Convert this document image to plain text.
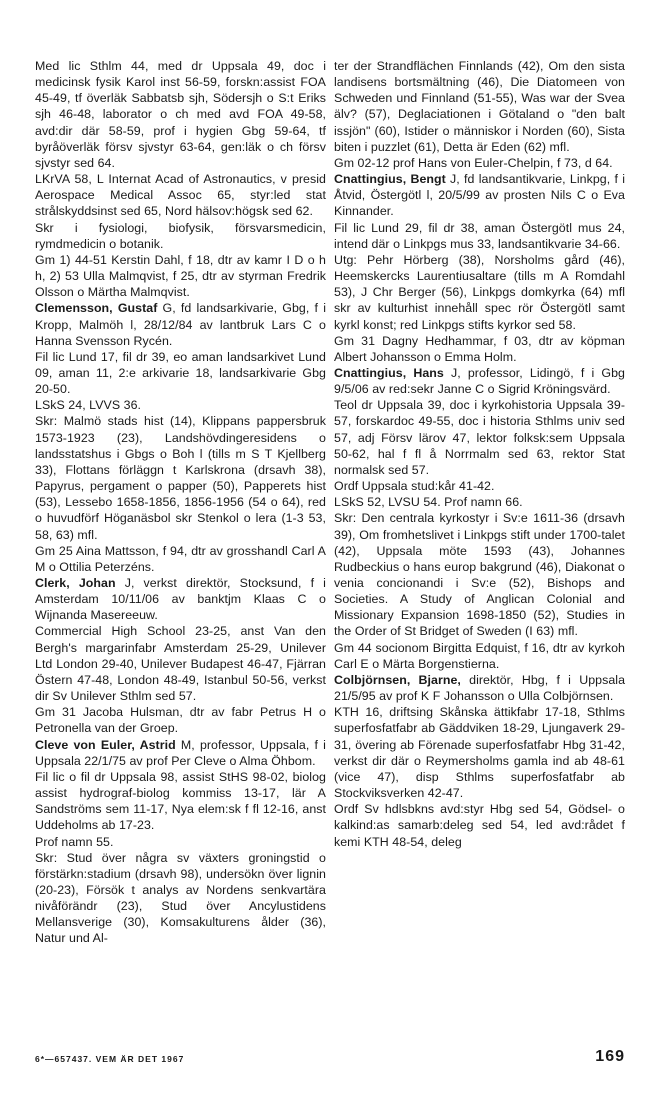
Med lic Sthlm 44, med dr Uppsala 49, doc i medicinsk fysik Karol inst 56-59, forskn:assist FOA 45-49, tf överläk Sabbatsb sjh, Södersjh o S:t Eriks sjh 46-48, laborator o ch med avd FOA 49-58, avd:dir där 58-59, prof i hygien Gbg 59-64, tf byråöverläk försv sjvstyr 63-64, gen:läk o ch försv sjvstyr sed 64.

LKrVA 58, L Internat Acad of Astronautics, v presid Aerospace Medical Assoc 65, styr:led stat strålskyddsinst sed 65, Nord hälsov:högsk sed 62.

Skr i fysiologi, biofysik, försvarsmedicin, rymdmedicin o botanik.

Gm 1) 44-51 Kerstin Dahl, f 18, dtr av kamr I D o h h, 2) 53 Ulla Malmqvist, f 25, dtr av styrman Fredrik Olsson o Märtha Malmqvist.

Clemensson, Gustaf G, fd landsarkivarie, Gbg, f i Kropp, Malmöh l, 28/12/84 av lantbruk Lars C o Hanna Svensson Rycén.

Fil lic Lund 17, fil dr 39, eo aman landsarkivet Lund 09, aman 11, 2:e arkivarie 18, landsarkivarie Gbg 20-50.

LSkS 24, LVVS 36.

Skr: Malmö stads hist (14), Klippans pappersbruk 1573-1923 (23), Landshövdingeresidens o landsstatshus i Gbgs o Boh l (tills m S T Kjellberg 33), Flottans förläggn t Karlskrona (drsavh 38), Papyrus, pergament o papper (50), Papperets hist (53), Lessebo 1658-1856, 1856-1956 (54 o 64), red o huvudförf Höganäsbol skr Stenkol o lera (1-3 53, 58, 63) mfl.

Gm 25 Aina Mattsson, f 94, dtr av grosshandl Carl A M o Ottilia Peterzéns.

Clerk, Johan J, verkst direktör, Stocksund, f i Amsterdam 10/11/06 av banktjm Klaas C o Wijnanda Masereeuw.

Commercial High School 23-25, anst Van den Bergh's margarinfabr Amsterdam 25-29, Unilever Ltd London 29-40, Unilever Budapest 46-47, Fjärran Östern 47-48, London 48-49, Istanbul 50-56, verkst dir Sv Unilever Sthlm sed 57.

Gm 31 Jacoba Hulsman, dtr av fabr Petrus H o Petronella van der Groep.

Cleve von Euler, Astrid M, professor, Uppsala, f i Uppsala 22/1/75 av prof Per Cleve o Alma Öhbom.

Fil lic o fil dr Uppsala 98, assist StHS 98-02, biolog assist hydrograf-biolog kommiss 13-17, lär A Sandströms sem 11-17, Nya elem:sk f fl 12-16, anst Uddeholms ab 17-23.

Prof namn 55.

Skr: Stud över några sv växters groningstid o förstärkn:stadium (drsavh 98), undersökn över lignin (20-23), Försök t analys av Nordens senkvartära nivåförändr (23), Stud över Ancylustidens Mellansverige (30), Komsakulturens ålder (36), Natur und Al-

ter der Strandflächen Finnlands (42), Om den sista landisens bortsmältning (46), Die Diatomeen von Schweden und Finnland (51-55), Was war der Svea älv? (57), Deglaciationen i Götaland o "den balt issjön" (60), Istider o människor i Norden (60), Sista biten i puzzlet (61), Detta är Eden (62) mfl.

Gm 02-12 prof Hans von Euler-Chelpin, f 73, d 64.

Cnattingius, Bengt J, fd landsantikvarie, Linkpg, f i Åtvid, Östergötl l, 20/5/99 av prosten Nils C o Eva Kinnander.

Fil lic Lund 29, fil dr 38, aman Östergötl mus 24, intend där o Linkpgs mus 33, landsantikvarie 34-66.

Utg: Pehr Hörberg (38), Norsholms gård (46), Heemskercks Laurentiusaltare (tills m A Romdahl 53), J Chr Berger (56), Linkpgs domkyrka (64) mfl skr av kulturhist innehåll spec rör Östergötl samt kyrkl konst; red Linkpgs stifts kyrkor sed 58.

Gm 31 Dagny Hedhammar, f 03, dtr av köpman Albert Johansson o Emma Holm.

Cnattingius, Hans J, professor, Lidingö, f i Gbg 9/5/06 av red:sekr Janne C o Sigrid Kröningsvärd.

Teol dr Uppsala 39, doc i kyrkohistoria Uppsala 39-57, forskardoc 49-55, doc i historia Sthlms univ sed 57, adj Försv lärov 47, lektor folksk:sem Uppsala 50-62, hal f fl å Norrmalm sed 63, rektor Stat normalsk sed 57.

Ordf Uppsala stud:kår 41-42.

LSkS 52, LVSU 54. Prof namn 66.

Skr: Den centrala kyrkostyr i Sv:e 1611-36 (drsavh 39), Om fromhetslivet i Linkpgs stift under 1700-talet (42), Uppsala möte 1593 (43), Johannes Rudbeckius o hans europ bakgrund (46), Diakonat o venia concionandi i Sv:e (52), Bishops and Societies. A Study of Anglican Colonial and Missionary Expansion 1698-1850 (52), Studies in the Order of St Bridget of Sweden (I 63) mfl.

Gm 44 socionom Birgitta Edquist, f 16, dtr av kyrkoh Carl E o Märta Borgenstierna.

Colbjörnsen, Bjarne, direktör, Hbg, f i Uppsala 21/5/95 av prof K F Johansson o Ulla Colbjörnsen.

KTH 16, driftsing Skånska ättikfabr 17-18, Sthlms superfosfatfabr ab Gäddviken 18-29, Ljungaverk 29-31, övering ab Förenade superfosfatfabr Hbg 31-42, verkst dir där o Reymersholms gamla ind ab 48-61 (vice 47), disp Sthlms superfosfatfabr ab Stockviksverken 42-47.

Ordf Sv hdlsbkns avd:styr Hbg sed 54, Gödsel- o kalkind:as samarb:deleg sed 54, led avd:rådet f kemi KTH 48-54, deleg

6*—657437. VEM ÄR DET 1967	169
